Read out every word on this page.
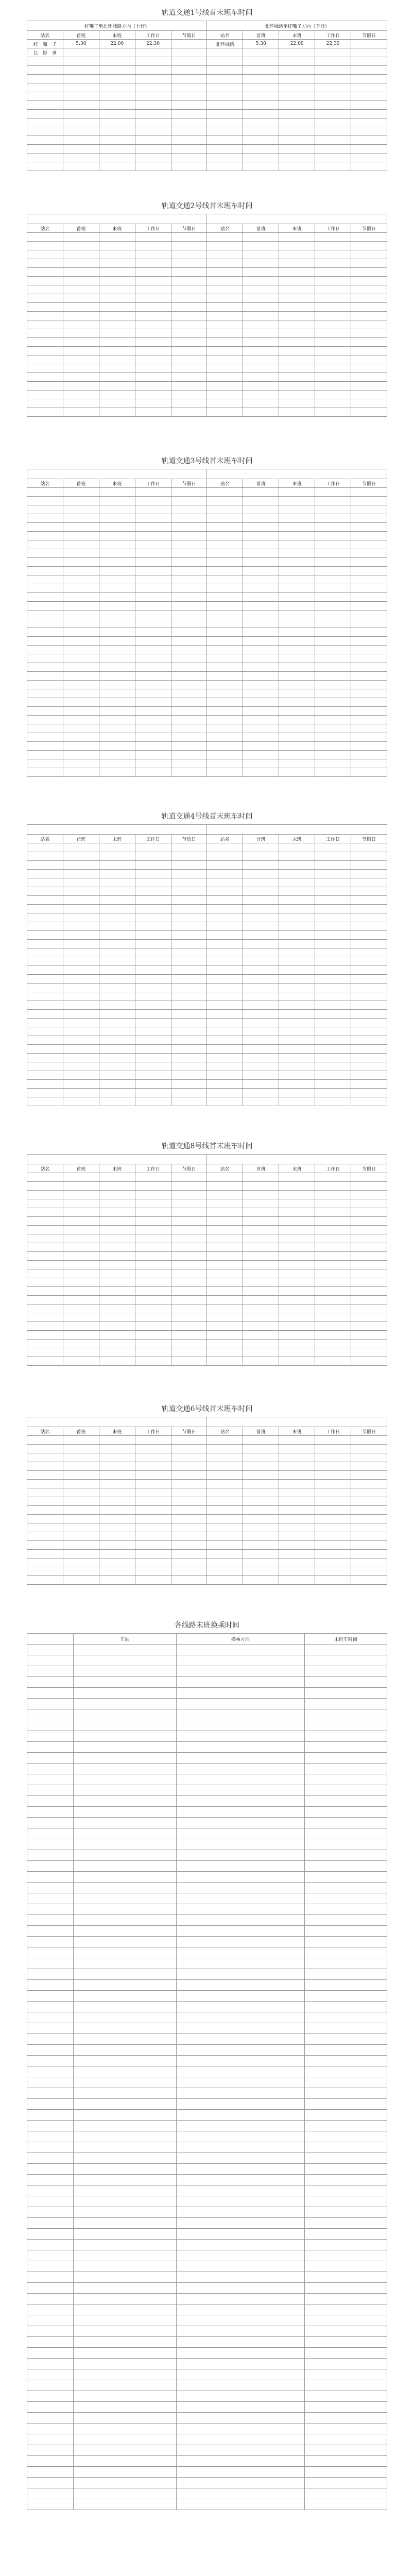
轨道交通1号线首末班车时间
红嘴子至北环城路方向（上行）					北环城路至红嘴子方向（下行）				
站名	首班	末班	工作日	节假日	站名	首班	末班	工作日	节假日
红　嘴　子	5:30	22:00	22:30		北环城路	5:30	22:00	22:30	
长　影　世									

轨道交通2号线首末班车时间

站名	首班	末班	工作日	节假日	站名	首班	末班	工作日	节假日

轨道交通3号线首末班车时间

站名	首班	末班	工作日	节假日	站名	首班	末班	工作日	节假日

轨道交通4号线首末班车时间

站名	首班	末班	工作日	节假日	站名	首班	末班	工作日	节假日

轨道交通8号线首末班车时间

站名	首班	末班	工作日	节假日	站名	首班	末班	工作日	节假日

轨道交通6号线首末班车时间

站名	首班	末班	工作日	节假日	站名	首班	末班	工作日	节假日

各线路末班换乘时间
	车站	换乘方向	末班车时间
